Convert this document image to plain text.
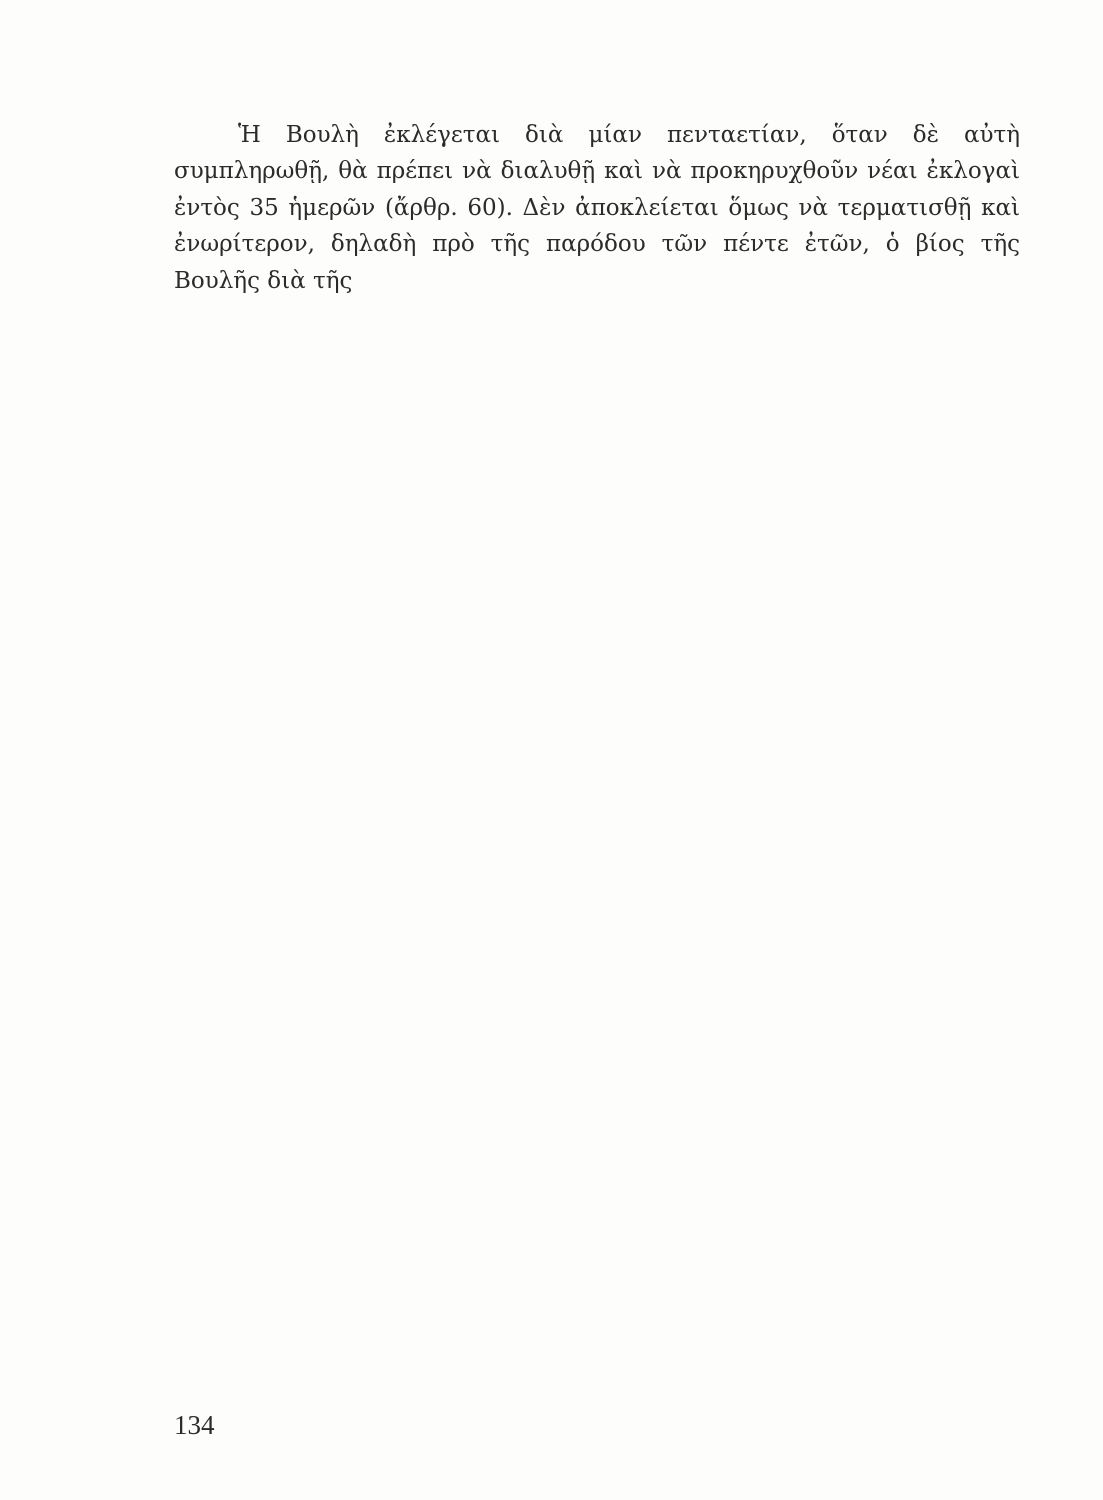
Ἡ Βουλὴ ἐκλέγεται διὰ μίαν πενταετίαν, ὅταν δὲ αὐτὴ συμπληρωθῇ, θὰ πρέπει νὰ διαλυθῇ καὶ νὰ προκηρυχθοῦν νέαι ἐκλογαὶ ἐντὸς 35 ἡμερῶν (ἄρθρ. 60). Δὲν ἀποκλείεται ὅμως νὰ τερματισθῇ καὶ ἐνωρίτερον, δηλαδὴ πρὸ τῆς παρόδου τῶν πέντε ἐτῶν, ὁ βίος τῆς Βουλῆς διὰ τῆς

134
